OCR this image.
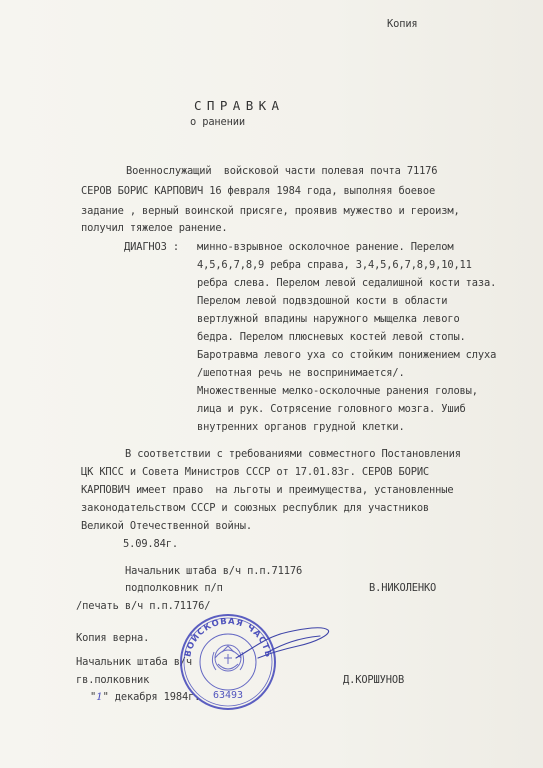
Копия
СПРАВКА
о ранении
Военнослужащий  войсковой части полевая почта 71176
СЕРОВ БОРИС КАРПОВИЧ 16 февраля 1984 года, выполняя боевое
задание , верный воинской присяге, проявив мужество и героизм,
получил тяжелое ранение.
ДИАГНОЗ : минно-взрывное осколочное ранение. Перелом
4,5,6,7,8,9 ребра справа, 3,4,5,6,7,8,9,10,11
ребра слева. Перелом левой седалишной кости таза.
Перелом левой подвздошной кости в области
вертлужной впадины наружного мыщелка левого
бедра. Перелом плюсневых костей левой стопы.
Баротравма левого уха со стойким понижением слуха
/шепотная речь не воспринимается/.
Множественные мелко-осколочные ранения головы,
лица и рук. Сотрясение головного мозга. Ушиб
внутренних органов грудной клетки.
В соответствии с требованиями совместного Постановления
ЦК КПСС и Совета Министров СССР от 17.01.83г. СЕРОВ БОРИС
КАРПОВИЧ имеет право  на льготы и преимущества, установленные
законодательством СССР и союзных республик для участников
Великой Отечественной войны.
5.09.84г.
Начальник штаба в/ч п.п.71176
подполковник п/п	В.НИКОЛЕНКО
/печать в/ч п.п.71176/
Копия верна.
Начальник штаба в/ч
гв.полковник	Д.КОРШУНОВ
"1" декабря 1984г.
ВОЙСКОВАЯ ЧАСТЬ
63493
